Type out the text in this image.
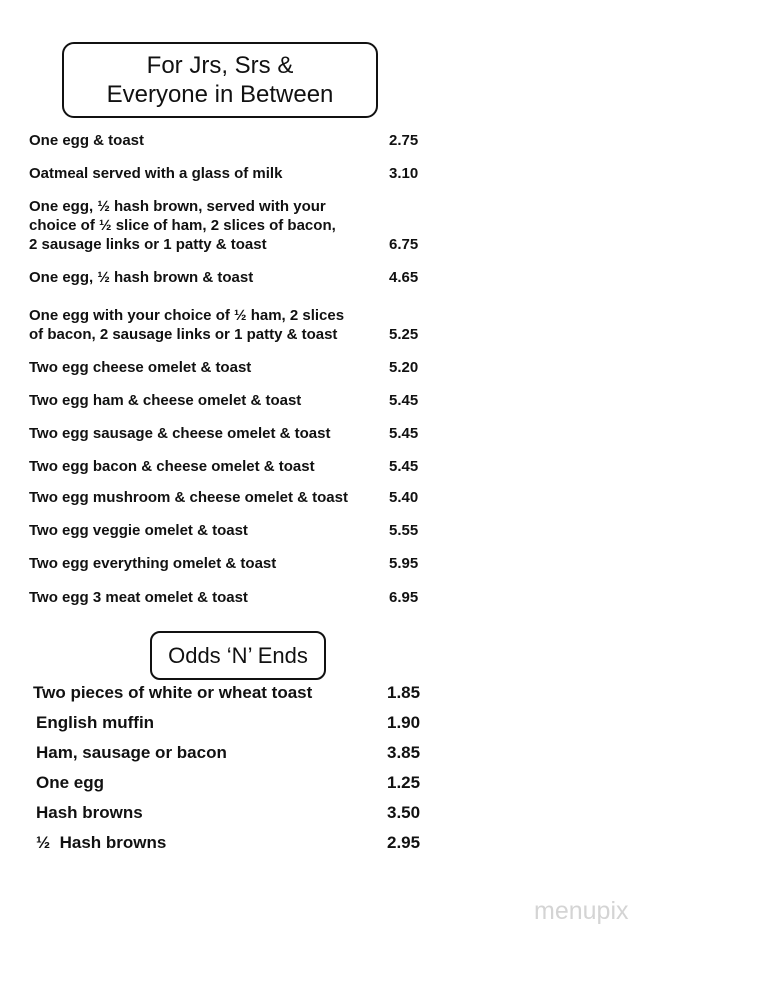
For Jrs, Srs &
Everyone in Between
One egg & toast	2.75
Oatmeal served with a glass of milk	3.10
One egg, ½ hash brown, served with your
choice of ½ slice of ham, 2 slices of bacon,
2 sausage links or 1 patty & toast	6.75
One egg, ½ hash brown & toast	4.65
One egg with your choice of ½ ham, 2 slices
of bacon, 2 sausage links or 1 patty & toast	5.25
Two egg cheese omelet & toast	5.20
Two egg ham & cheese omelet & toast	5.45
Two egg sausage & cheese omelet & toast	5.45
Two egg bacon & cheese omelet & toast	5.45
Two egg mushroom & cheese omelet & toast	5.40
Two egg veggie omelet & toast	5.55
Two egg everything omelet & toast	5.95
Two egg 3 meat omelet & toast	6.95
Odds ‘N’ Ends
Two pieces of white or wheat toast	1.85
English muffin	1.90
Ham, sausage or bacon	3.85
One egg	1.25
Hash browns	3.50
½  Hash browns	2.95
menupix
